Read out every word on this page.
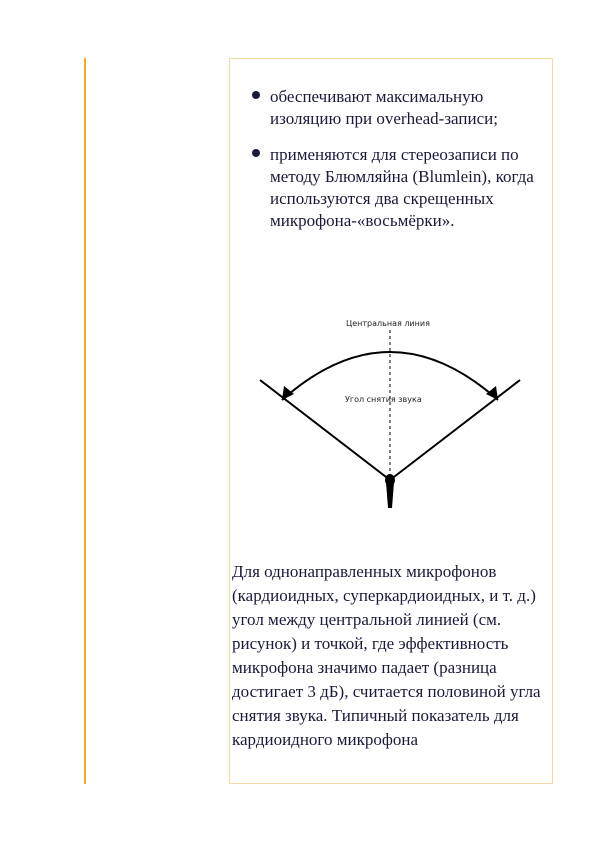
обеспечивают максимальную изоляцию при overhead-записи;
применяются для стереозаписи по методу Блюмляйна (Blumlein), когда используются два скрещенных микрофона-«восьмёрки».
Центральная линия
Угол снятия звука

Для однонаправленных микрофонов (кардиоидных, суперкардиоидных, и т. д.) угол между центральной линией (см. рисунок) и точкой, где эффективность микрофона значимо падает (разница достигает 3 дБ), считается половиной угла снятия звука. Типичный показатель для кардиоидного микрофона
